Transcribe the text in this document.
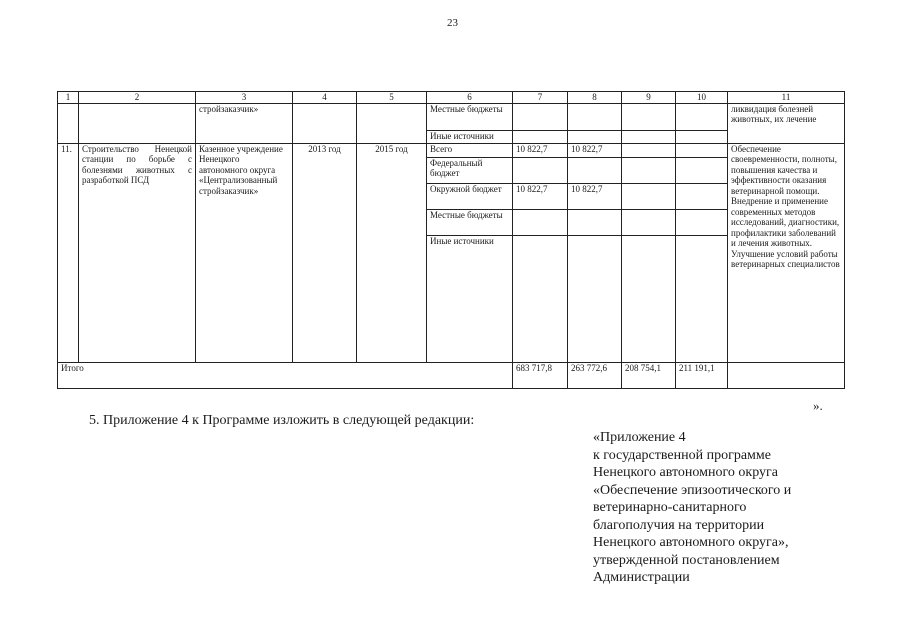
23
1	2	3	4	5	6	7	8	9	10	11
		стройзаказчик»			Местные бюджеты					ликвидация болезней животных, их лечение
					Иные источники					
11.	Строительство Ненецкой станции по борьбе с болезнями животных с разработкой ПСД	Казенное учреждение Ненецкого автономного округа «Централизованный стройзаказчик»	2013 год	2015 год	Всего	10 822,7	10 822,7			Обеспечение своевременности, полноты, повышения качества и эффективности оказания ветеринарной помощи. Внедрение и применение современных методов исследований, диагностики, профилактики заболеваний и лечения животных. Улучшение условий работы ветеринарных специалистов
					Федеральный бюджет					
					Окружной бюджет	10 822,7	10 822,7			
					Местные бюджеты					
					Иные источники					
Итого						683 717,8	263 772,6	208 754,1	211 191,1	
».
5. Приложение 4 к Программе изложить в следующей редакции:
«Приложение 4
к государственной программе
Ненецкого автономного округа
«Обеспечение эпизоотического и
ветеринарно-санитарного
благополучия на территории
Ненецкого автономного округа»,
утвержденной постановлением
Администрации
